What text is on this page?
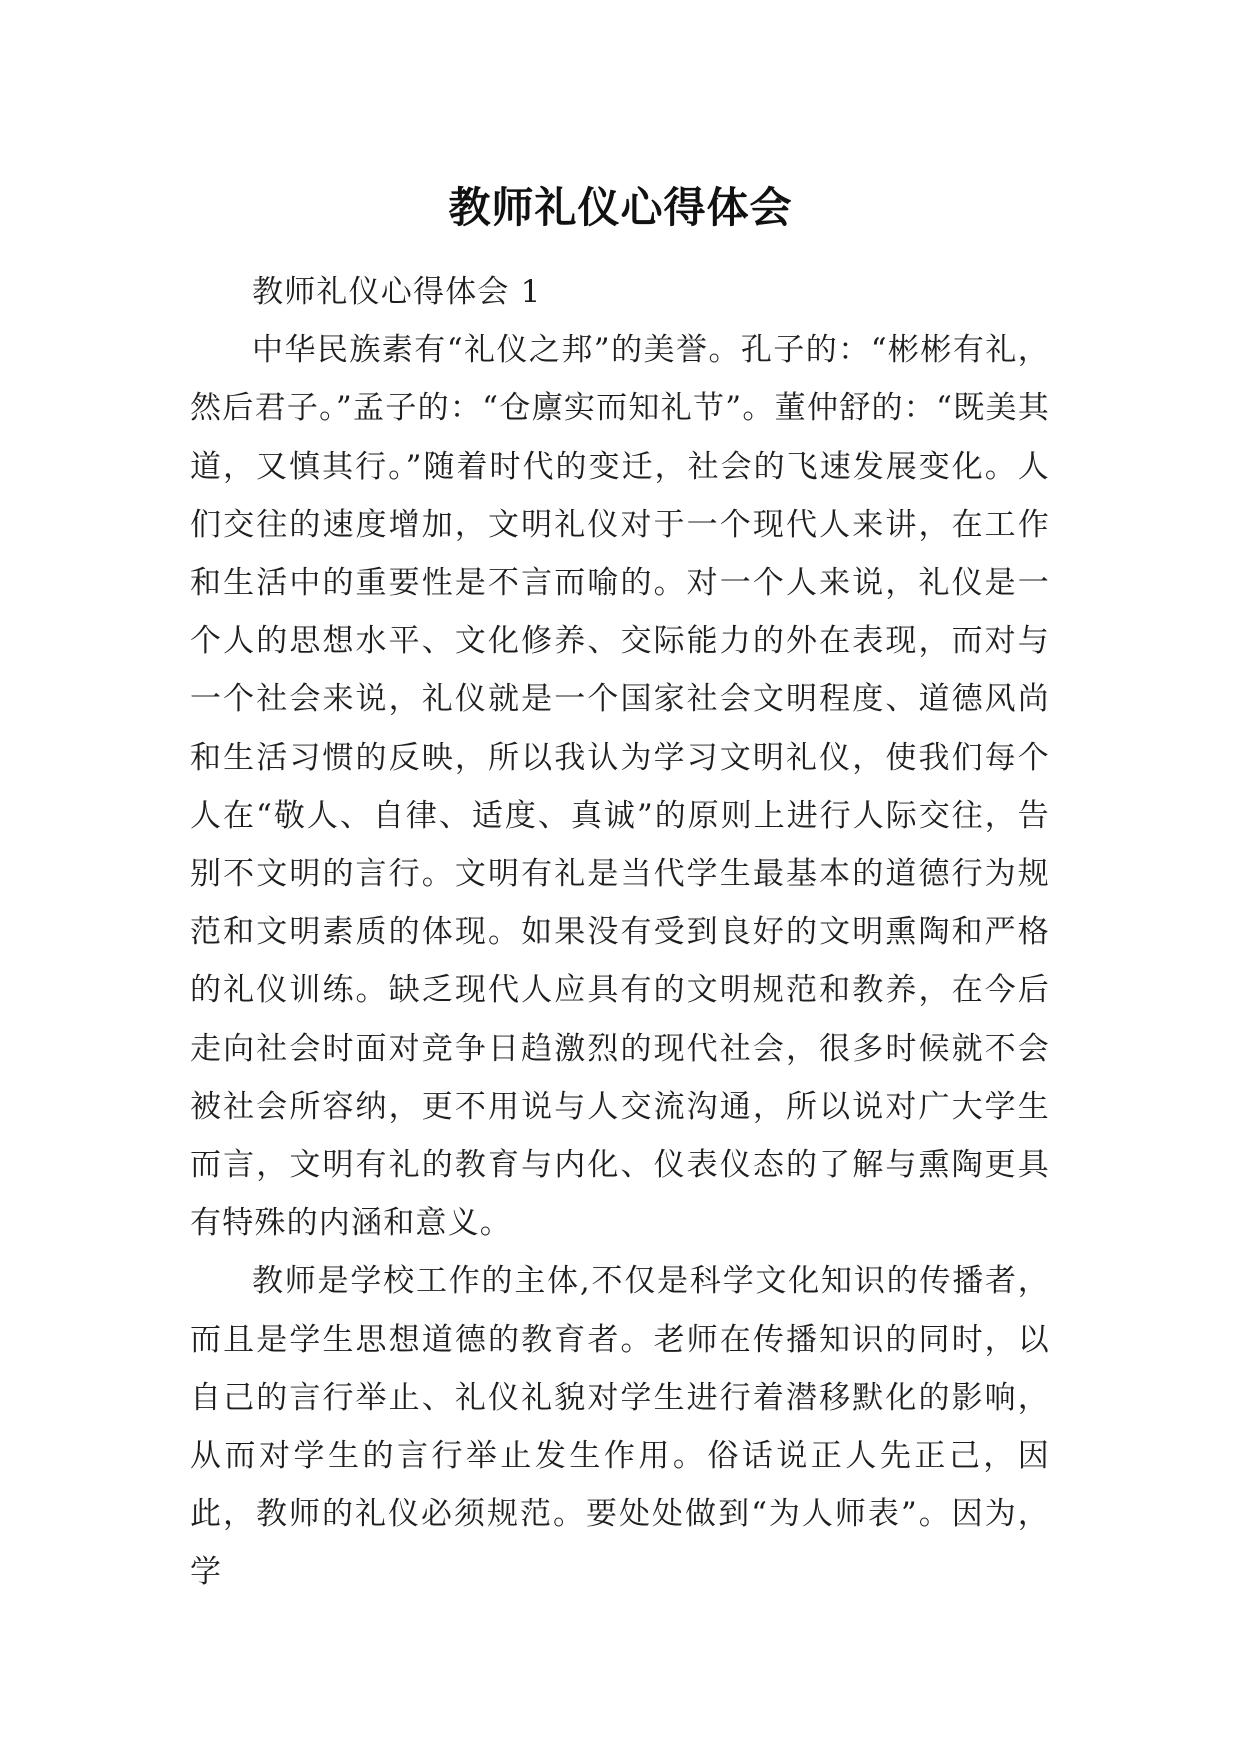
教师礼仪心得体会

教师礼仪心得体会 1

中华民族素有“礼仪之邦”的美誉。孔子的：“彬彬有礼，然后君子。”孟子的：“仓廪实而知礼节”。董仲舒的：“既美其道，又慎其行。”随着时代的变迁，社会的飞速发展变化。人们交往的速度增加，文明礼仪对于一个现代人来讲，在工作和生活中的重要性是不言而喻的。对一个人来说，礼仪是一个人的思想水平、文化修养、交际能力的外在表现，而对与一个社会来说，礼仪就是一个国家社会文明程度、道德风尚和生活习惯的反映，所以我认为学习文明礼仪，使我们每个人在“敬人、自律、适度、真诚”的原则上进行人际交往，告别不文明的言行。文明有礼是当代学生最基本的道德行为规范和文明素质的体现。如果没有受到良好的文明熏陶和严格的礼仪训练。缺乏现代人应具有的文明规范和教养，在今后走向社会时面对竞争日趋激烈的现代社会，很多时候就不会被社会所容纳，更不用说与人交流沟通，所以说对广大学生而言，文明有礼的教育与内化、仪表仪态的了解与熏陶更具有特殊的内涵和意义。

教师是学校工作的主体,不仅是科学文化知识的传播者，而且是学生思想道德的教育者。老师在传播知识的同时，以自己的言行举止、礼仪礼貌对学生进行着潜移默化的影响，从而对学生的言行举止发生作用。俗话说正人先正己，因此，教师的礼仪必须规范。要处处做到“为人师表”。因为，学
